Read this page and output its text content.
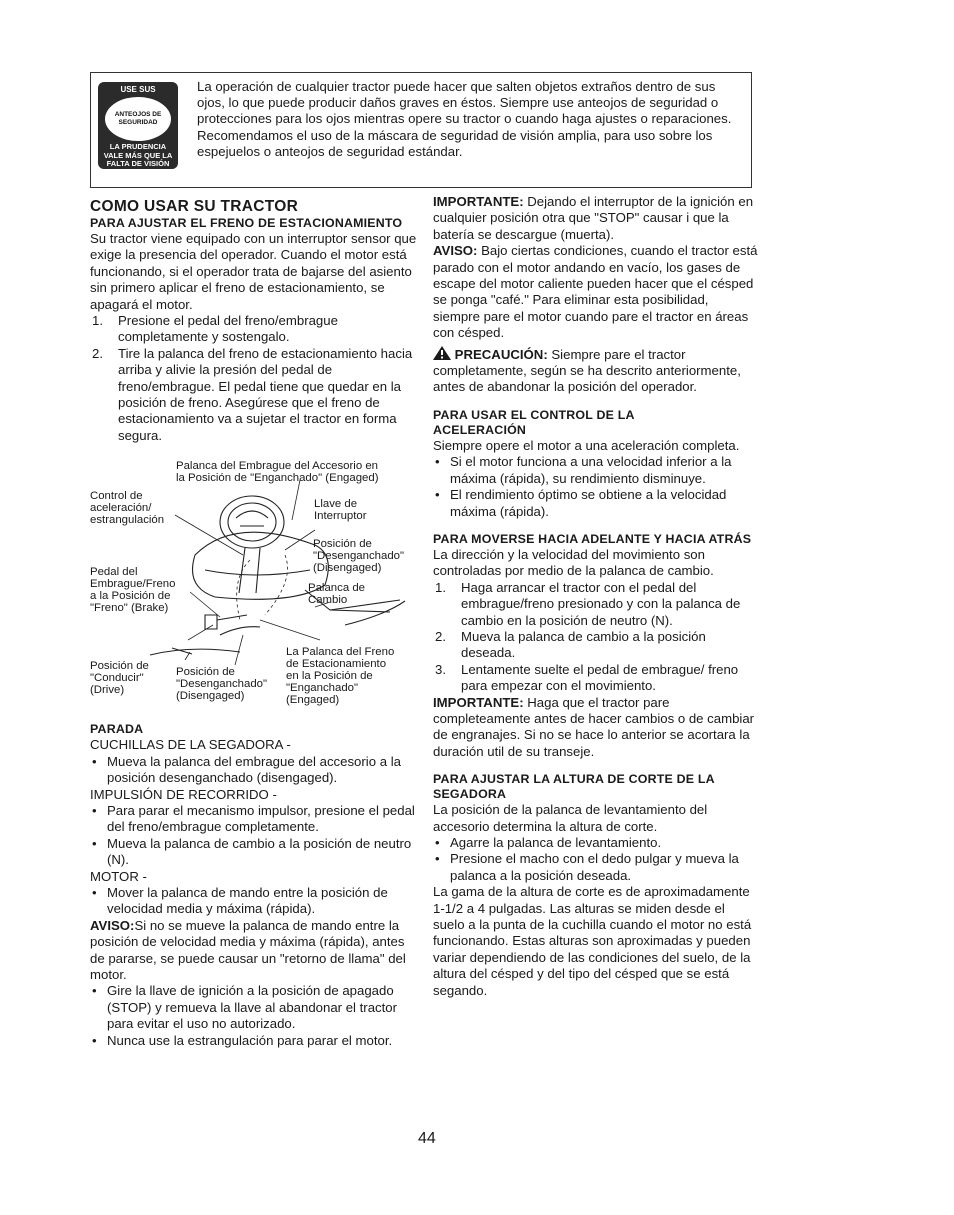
USE SUS
ANTEOJOS DE
SEGURIDAD
LA PRUDENCIA
VALE MÁS QUE LA
FALTA DE VISIÓN
La operación de cualquier tractor puede hacer que salten objetos extraños dentro de sus ojos, lo que puede producir daños graves en éstos. Siempre use anteojos de seguridad o protecciones para los ojos mientras opere su tractor o cuando haga ajustes o reparaciones. Recomendamos el uso de la máscara de seguridad de visión amplia, para uso sobre los espejuelos o anteojos de seguridad estándar.
COMO USAR SU TRACTOR
PARA AJUSTAR EL FRENO DE ESTACIONAMIENTO

Su tractor viene equipado con un interruptor sensor que exige la presencia del operador. Cuando el motor está funcionando, si el operador trata de bajarse del asiento sin primero aplicar el freno de estacionamiento, se apagará el motor.

1. Presione el pedal del freno/embrague completamente y sostengalo.
2. Tire la palanca del freno de estacionamiento hacia arriba y alivie la presión del pedal de freno/embrague. El pedal tiene que quedar en la posición de freno. Asegúrese que el freno de estacionamiento va a sujetar el tractor en forma segura.
Palanca del Embrague del Accesorio en
la Posición de "Enganchado" (Engaged)
Control de
aceleración/
estrangulación
Llave de
Interruptor
Posición de
"Desenganchado"
(Disengaged)
Pedal del
Embrague/Freno
a la Posición de
"Freno" (Brake)
Palanca de
Cambio
Posición de
"Conducir"
(Drive)
Posición de
"Desenganchado"
(Disengaged)
La Palanca del Freno
de Estacionamiento
en la Posición de
"Enganchado"
(Engaged)
PARADA

CUCHILLAS DE LA SEGADORA -

• Mueva la palanca del embrague del accesorio a la posición desenganchado (disengaged).

IMPULSIÓN DE RECORRIDO -

• Para parar el mecanismo impulsor, presione el pedal del freno/embrague completamente.
• Mueva la palanca de cambio a la posición de neutro (N).

MOTOR -

• Mover la palanca de mando entre la posición de velocidad media y máxima (rápida).

AVISO:Si no se mueve la palanca de mando entre la posición de velocidad media y máxima (rápida), antes de pararse, se puede causar un "retorno de llama" del motor.

• Gire la llave de ignición a la posición de apagado (STOP) y remueva la llave al abandonar el tractor para evitar el uso no autorizado.
• Nunca use la estrangulación para parar el motor.

IMPORTANTE: Dejando el interruptor de la ignición en cualquier posición otra que "STOP" causar i que la batería se descargue (muerta).

AVISO: Bajo ciertas condiciones, cuando el tractor está parado con el motor andando en vacío, los gases de escape del motor caliente pueden hacer que el césped se ponga "café." Para eliminar esta posibilidad, siempre pare el motor cuando pare el tractor en áreas con césped.

PRECAUCIÓN: Siempre pare el tractor completamente, según se ha descrito anteriormente, antes de abandonar la posición del operador.

PARA USAR EL CONTROL DE LA
ACELERACIÓN

Siempre opere el motor a una aceleración completa.

• Si el motor funciona a una velocidad inferior a la máxima (rápida), su rendimiento disminuye.
• El rendimiento óptimo se obtiene a la velocidad máxima (rápida).
PARA MOVERSE HACIA ADELANTE Y HACIA ATRÁS

La dirección y la velocidad del movimiento son controladas por medio de la palanca de cambio.

1. Haga arrancar el tractor con el pedal del embrague/freno presionado y con la palanca de cambio en la posición de neutro (N).
2. Mueva la palanca de cambio a la posición deseada.
3. Lentamente suelte el pedal de embrague/ freno para empezar con el movimiento.

IMPORTANTE: Haga que el tractor pare completeamente antes de hacer cambios o de cambiar de engranajes. Si no se hace lo anterior se acortara la duración util de su transeje.

PARA AJUSTAR LA ALTURA DE CORTE DE LA SEGADORA

La posición de la palanca de levantamiento del accesorio determina la altura de corte.

• Agarre la palanca de levantamiento.
• Presione el macho con el dedo pulgar y mueva la palanca a la posición deseada.

La gama de la altura de corte es de aproximadamente 1-1/2 a 4 pulgadas. Las alturas se miden desde el suelo a la punta de la cuchilla cuando el motor no está funcionando. Estas alturas son aproximadas y pueden variar dependiendo de las condiciones del suelo, de la altura del césped y del tipo del césped que se está segando.

44
